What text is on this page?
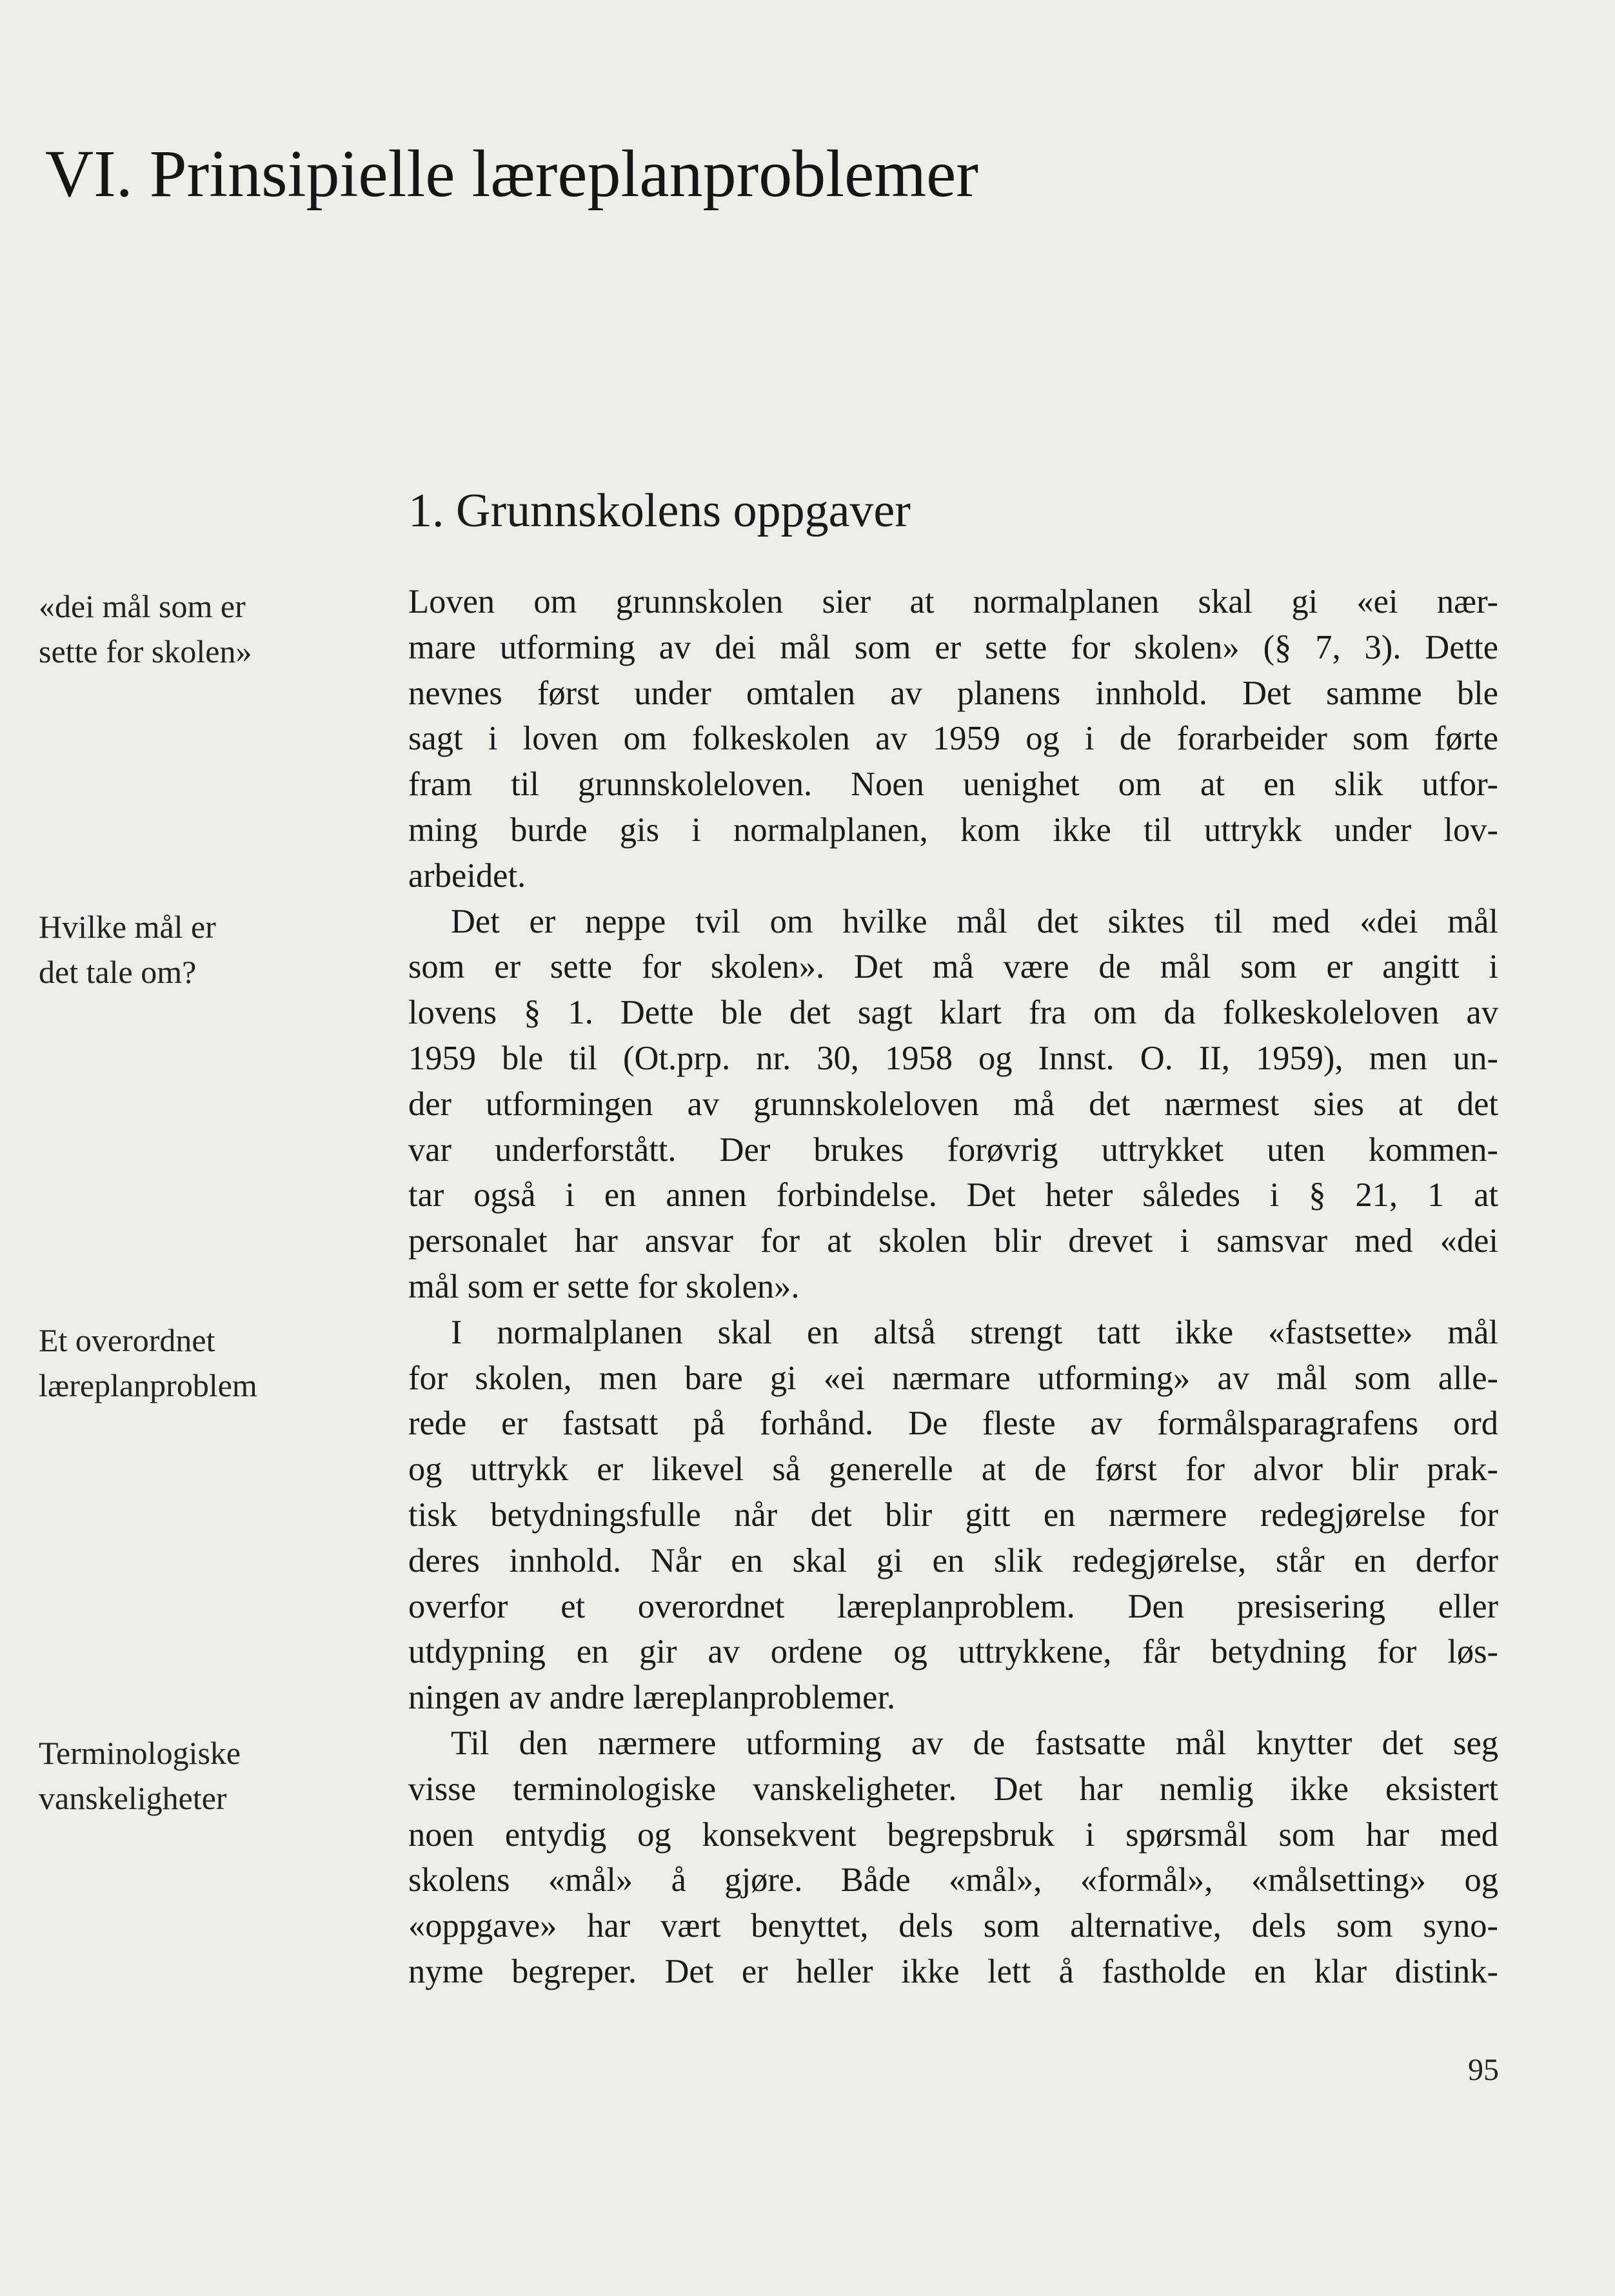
VI. Prinsipielle læreplanproblemer
1. Grunnskolens oppgaver
«dei mål som er
sette for skolen»
Hvilke mål er
det tale om?
Et overordnet
læreplanproblem
Terminologiske
vanskeligheter
Loven om grunnskolen sier at normalplanen skal gi «ei nær-
mare utforming av dei mål som er sette for skolen» (§ 7, 3). Dette
nevnes først under omtalen av planens innhold. Det samme ble
sagt i loven om folkeskolen av 1959 og i de forarbeider som førte
fram til grunnskoleloven. Noen uenighet om at en slik utfor-
ming burde gis i normalplanen, kom ikke til uttrykk under lov-
arbeidet.
Det er neppe tvil om hvilke mål det siktes til med «dei mål
som er sette for skolen». Det må være de mål som er angitt i
lovens § 1. Dette ble det sagt klart fra om da folkeskoleloven av
1959 ble til (Ot.prp. nr. 30, 1958 og Innst. O. II, 1959), men un-
der utformingen av grunnskoleloven må det nærmest sies at det
var underforstått. Der brukes forøvrig uttrykket uten kommen-
tar også i en annen forbindelse. Det heter således i § 21, 1 at
personalet har ansvar for at skolen blir drevet i samsvar med «dei
mål som er sette for skolen».
I normalplanen skal en altså strengt tatt ikke «fastsette» mål
for skolen, men bare gi «ei nærmare utforming» av mål som alle-
rede er fastsatt på forhånd. De fleste av formålsparagrafens ord
og uttrykk er likevel så generelle at de først for alvor blir prak-
tisk betydningsfulle når det blir gitt en nærmere redegjørelse for
deres innhold. Når en skal gi en slik redegjørelse, står en derfor
overfor et overordnet læreplanproblem. Den presisering eller
utdypning en gir av ordene og uttrykkene, får betydning for løs-
ningen av andre læreplanproblemer.
Til den nærmere utforming av de fastsatte mål knytter det seg
visse terminologiske vanskeligheter. Det har nemlig ikke eksistert
noen entydig og konsekvent begrepsbruk i spørsmål som har med
skolens «mål» å gjøre. Både «mål», «formål», «målsetting» og
«oppgave» har vært benyttet, dels som alternative, dels som syno-
nyme begreper. Det er heller ikke lett å fastholde en klar distink-
95
